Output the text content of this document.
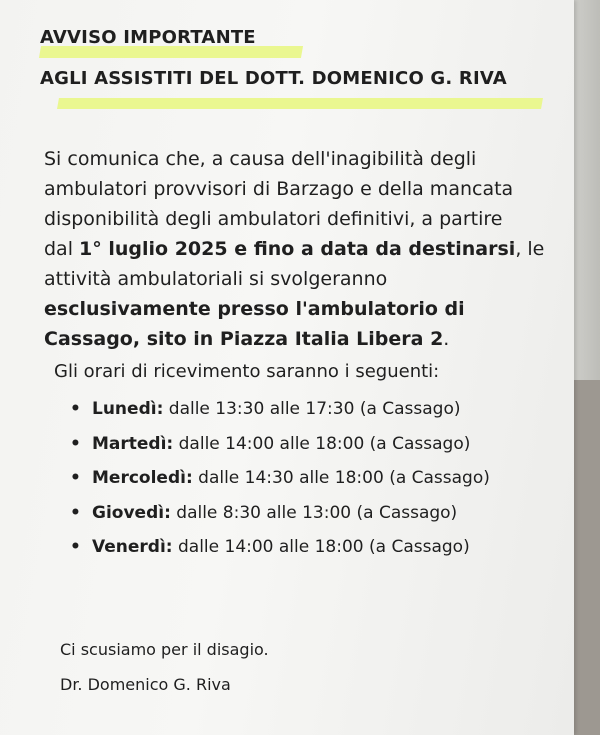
AVVISO IMPORTANTE
AGLI ASSISTITI DEL DOTT. DOMENICO G. RIVA
Si comunica che, a causa dell'inagibilità degli
ambulatori provvisori di Barzago e della mancata
disponibilità degli ambulatori definitivi, a partire
dal 1° luglio 2025 e fino a data da destinarsi, le
attività ambulatoriali si svolgeranno
esclusivamente presso l'ambulatorio di
Cassago, sito in Piazza Italia Libera 2.
Gli orari di ricevimento saranno i seguenti:
• Lunedì: dalle 13:30 alle 17:30 (a Cassago)
• Martedì: dalle 14:00 alle 18:00 (a Cassago)
• Mercoledì: dalle 14:30 alle 18:00 (a Cassago)
• Giovedì: dalle 8:30 alle 13:00 (a Cassago)
• Venerdì: dalle 14:00 alle 18:00 (a Cassago)
Ci scusiamo per il disagio.
Dr. Domenico G. Riva
